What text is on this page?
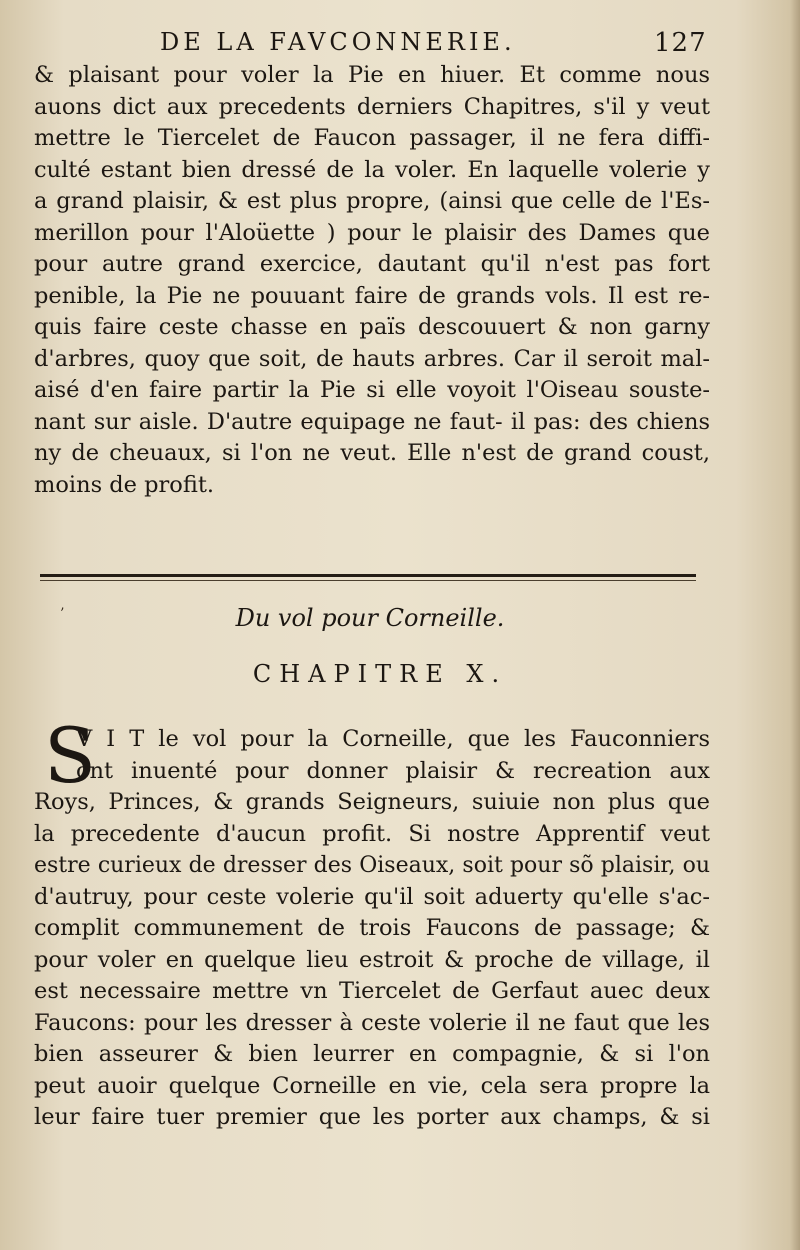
DE LA FAVCONNERIE.	127
& plaisant pour voler la Pie en hiuer. Et comme nous
auons dict aux precedents derniers Chapitres, s'il y veut
mettre le Tiercelet de Faucon passager, il ne fera diffi-
culté estant bien dressé de la voler. En laquelle volerie y
a grand plaisir, & est plus propre, (ainsi que celle de l'Es-
merillon pour l'Aloüette ) pour le plaisir des Dames que
pour autre grand exercice, dautant qu'il n'est pas fort
penible, la Pie ne pouuant faire de grands vols. Il est re-
quis faire ceste chasse en païs descouuert & non garny
d'arbres, quoy que soit, de hauts arbres. Car il seroit mal-
aisé d'en faire partir la Pie si elle voyoit l'Oiseau souste-
nant sur aisle. D'autre equipage ne faut- il pas: des chiens
ny de cheuaux, si l'on ne veut. Elle n'est de grand coust,
moins de profit.
’	Du vol pour Corneille.
CHAPITRE X.
S
V I T le vol pour la Corneille, que les Fauconniers
ont inuenté pour donner plaisir & recreation aux
Roys, Princes, & grands Seigneurs, suiuie non plus que
la precedente d'aucun profit. Si nostre Apprentif veut
estre curieux de dresser des Oiseaux, soit pour sõ plaisir, ou
d'autruy, pour ceste volerie qu'il soit aduerty qu'elle s'ac-
complit communement de trois Faucons de passage; &
pour voler en quelque lieu estroit & proche de village, il
est necessaire mettre vn Tiercelet de Gerfaut auec deux
Faucons: pour les dresser à ceste volerie il ne faut que les
bien asseurer & bien leurrer en compagnie, & si l'on
peut auoir quelque Corneille en vie, cela sera propre la
leur faire tuer premier que les porter aux champs, & si
